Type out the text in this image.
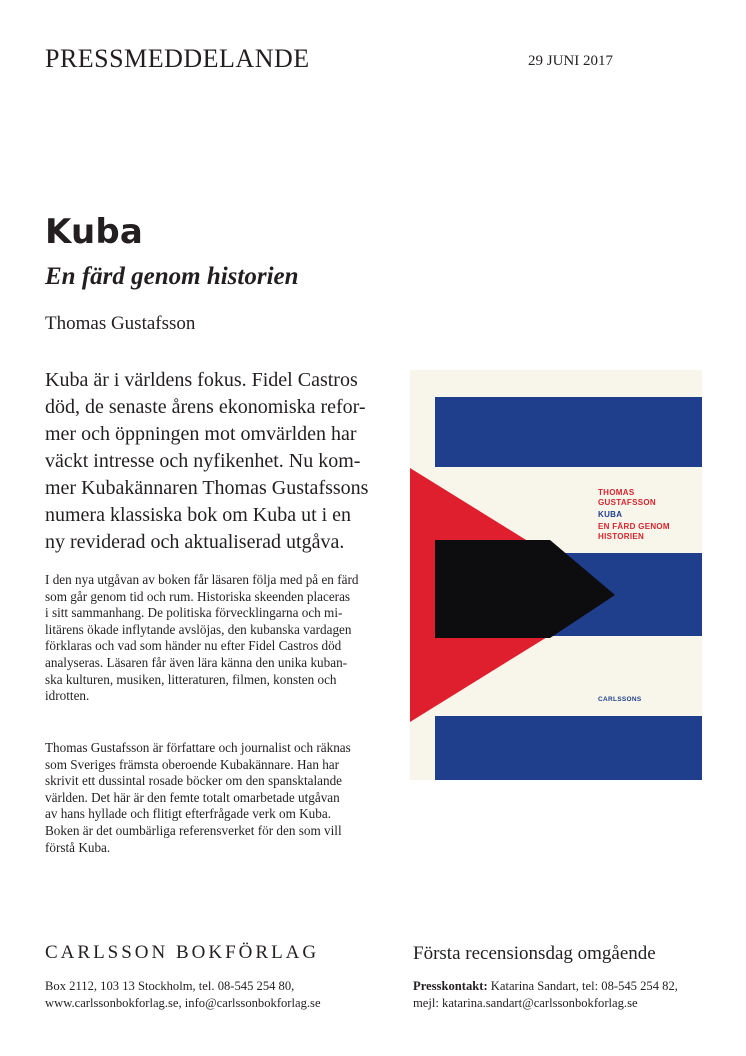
PRESSMEDDELANDE	29 JUNI 2017
Kuba
En färd genom historien
Thomas Gustafsson
Kuba är i världens fokus. Fidel Castros
död, de senaste årens ekonomiska refor-
mer och öppningen mot omvärlden har
väckt intresse och nyfikenhet. Nu kom-
mer Kubakännaren Thomas Gustafssons
numera klassiska bok om Kuba ut i en
ny reviderad och aktualiserad utgåva.
I den nya utgåvan av boken får läsaren följa med på en färd
som går genom tid och rum. Historiska skeenden placeras
i sitt sammanhang. De politiska förvecklingarna och mi-
litärens ökade inflytande avslöjas, den kubanska vardagen
förklaras och vad som händer nu efter Fidel Castros död
analyseras. Läsaren får även lära känna den unika kuban-
ska kulturen, musiken, litteraturen, filmen, konsten och
idrotten.
Thomas Gustafsson är författare och journalist och räknas
som Sveriges främsta oberoende Kubakännare. Han har
skrivit ett dussintal rosade böcker om den spansktalande
världen. Det här är den femte totalt omarbetade utgåvan
av hans hyllade och flitigt efterfrågade verk om Kuba.
Boken är det oumbärliga referensverket för den som vill
förstå Kuba.
THOMAS
GUSTAFSSON
KUBA
EN FÄRD GENOM
HISTORIEN
CARLSSONS
CARLSSON BOKFÖRLAG
Box 2112, 103 13 Stockholm, tel. 08-545 254 80,
www.carlssonbokforlag.se, info@carlssonbokforlag.se
Första recensionsdag omgående
Presskontakt: Katarina Sandart, tel: 08-545 254 82,
mejl: katarina.sandart@carlssonbokforlag.se
